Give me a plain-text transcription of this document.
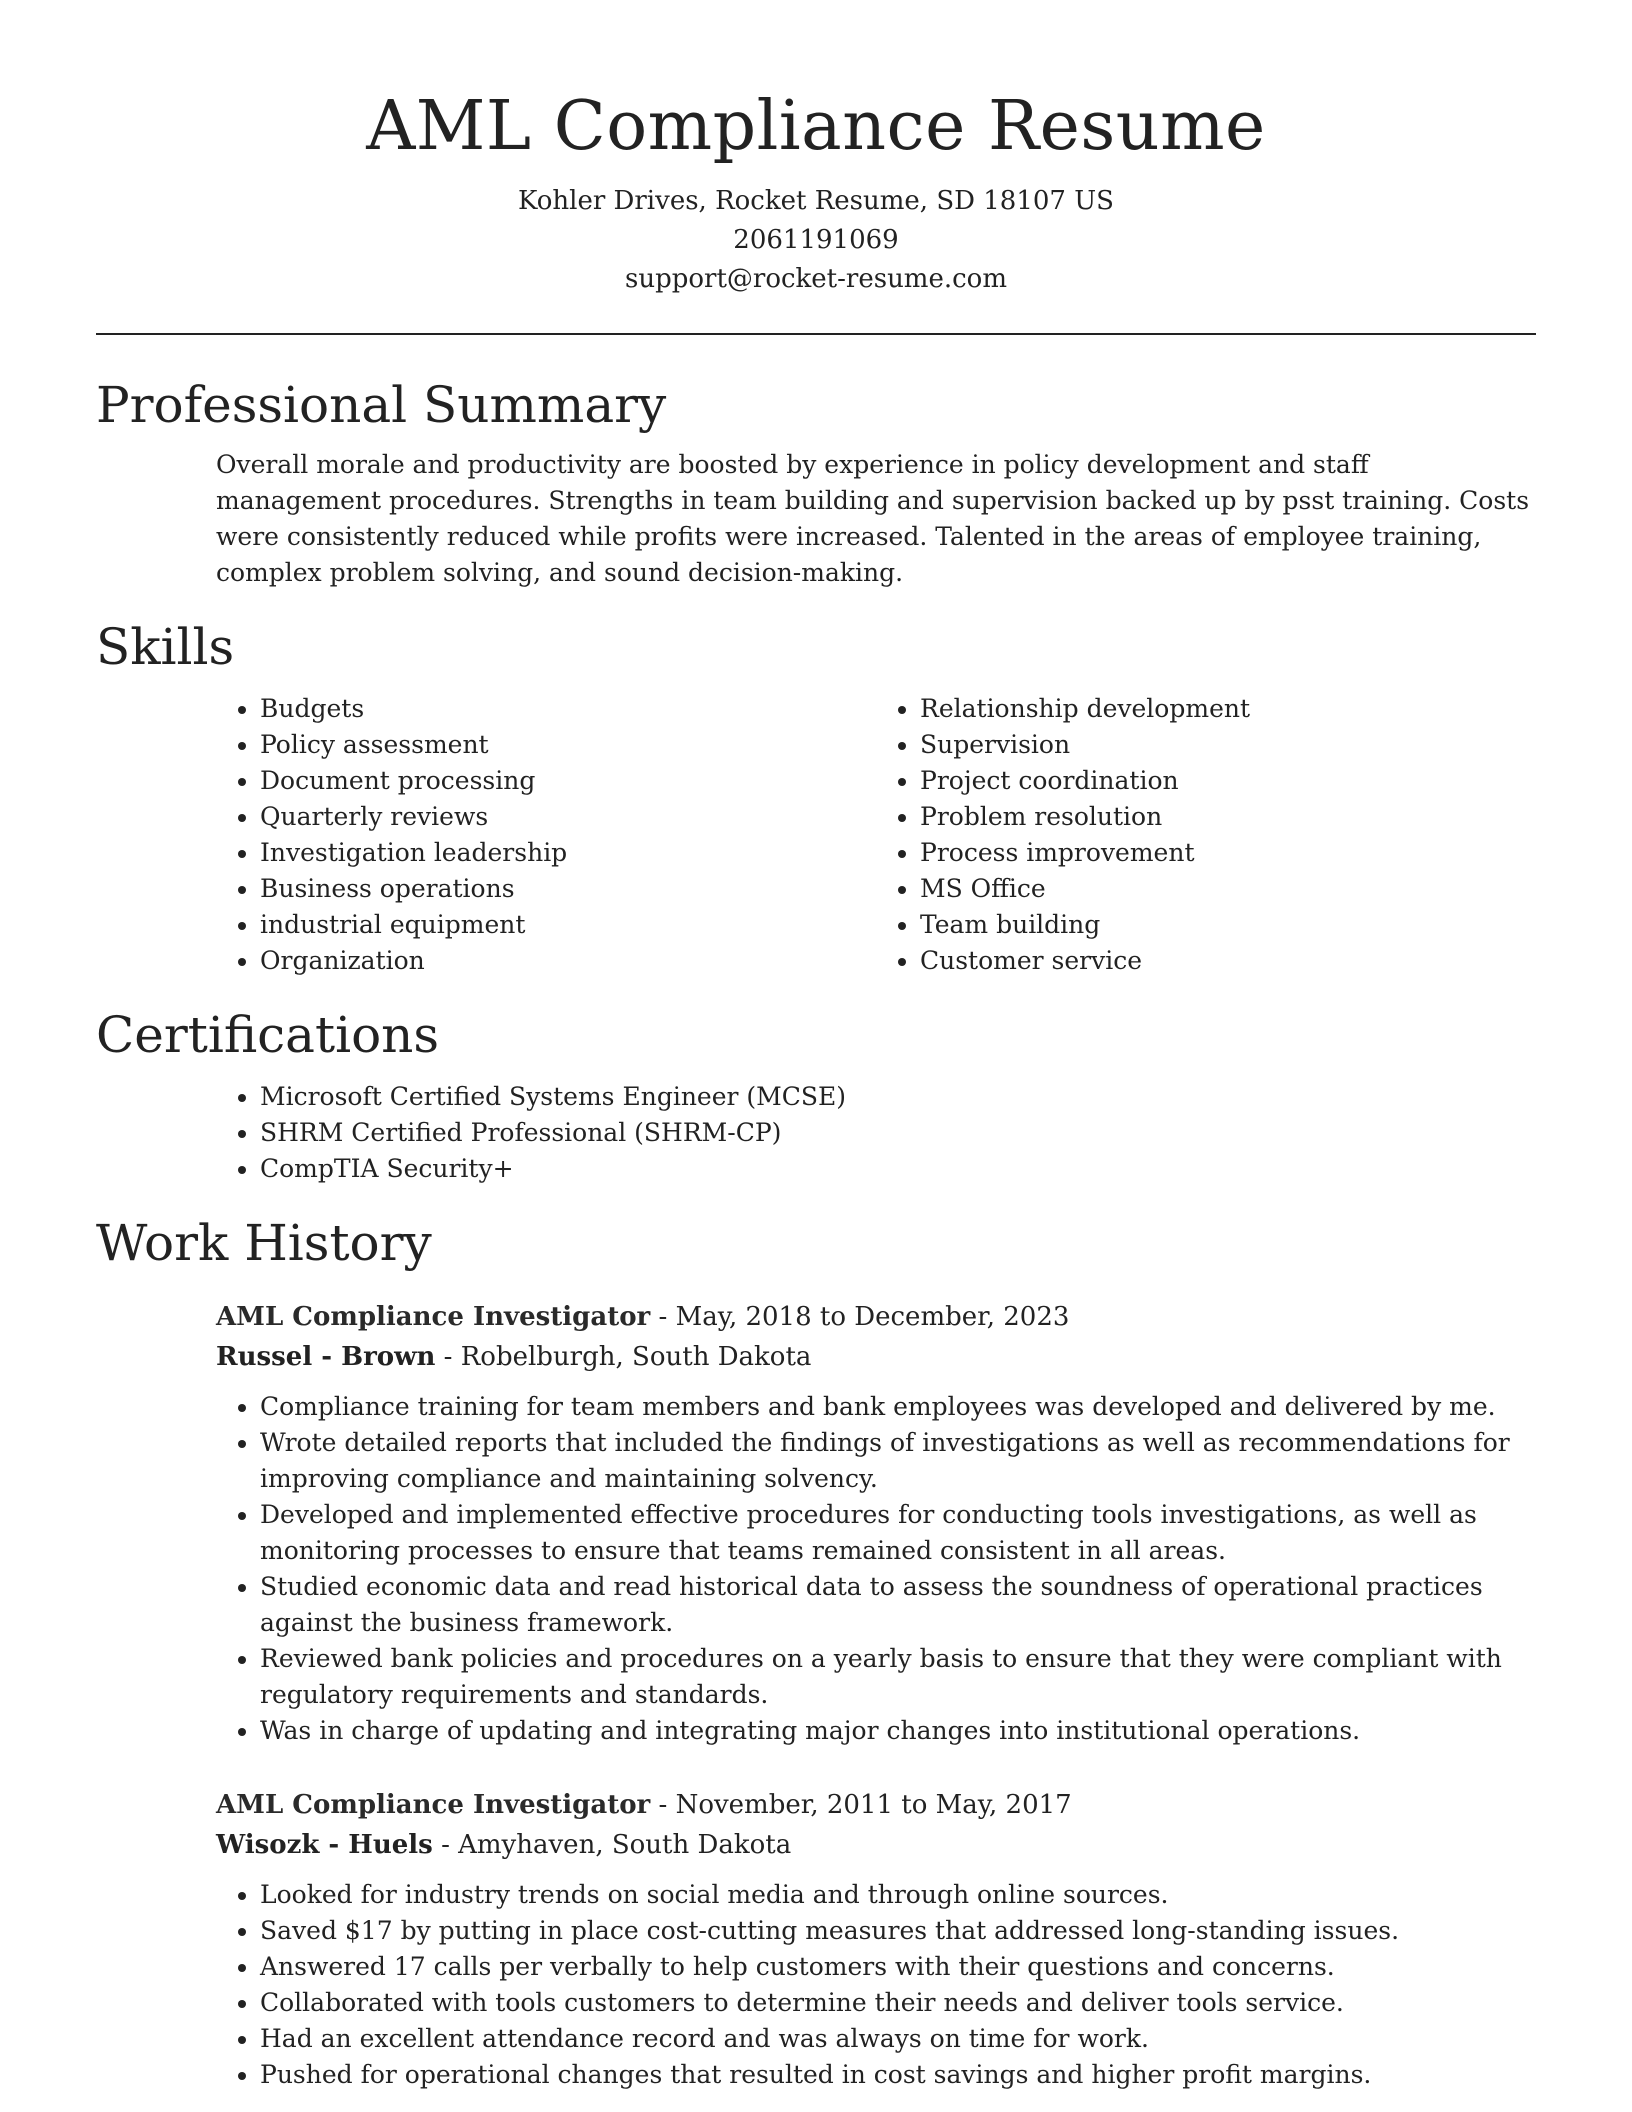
AML Compliance Resume

Kohler Drives, Rocket Resume, SD 18107 US

2061191069

support@rocket-resume.com

Professional Summary

Overall morale and productivity are boosted by experience in policy development and staff management procedures. Strengths in team building and supervision backed up by psst training. Costs were consistently reduced while profits were increased. Talented in the areas of employee training, complex problem solving, and sound decision-making.

Skills
• Budgets
• Policy assessment
• Document processing
• Quarterly reviews
• Investigation leadership
• Business operations
• industrial equipment
• Organization
• Relationship development
• Supervision
• Project coordination
• Problem resolution
• Process improvement
• MS Office
• Team building
• Customer service
Certifications
• Microsoft Certified Systems Engineer (MCSE)
• SHRM Certified Professional (SHRM-CP)
• CompTIA Security+
Work History

AML Compliance Investigator - May, 2018 to December, 2023

Russel - Brown - Robelburgh, South Dakota

• Compliance training for team members and bank employees was developed and delivered by me.
• Wrote detailed reports that included the findings of investigations as well as recommendations for improving compliance and maintaining solvency.
• Developed and implemented effective procedures for conducting tools investigations, as well as monitoring processes to ensure that teams remained consistent in all areas.
• Studied economic data and read historical data to assess the soundness of operational practices against the business framework.
• Reviewed bank policies and procedures on a yearly basis to ensure that they were compliant with regulatory requirements and standards.
• Was in charge of updating and integrating major changes into institutional operations.

AML Compliance Investigator - November, 2011 to May, 2017

Wisozk - Huels - Amyhaven, South Dakota

• Looked for industry trends on social media and through online sources.
• Saved $17 by putting in place cost-cutting measures that addressed long-standing issues.
• Answered 17 calls per verbally to help customers with their questions and concerns.
• Collaborated with tools customers to determine their needs and deliver tools service.
• Had an excellent attendance record and was always on time for work.
• Pushed for operational changes that resulted in cost savings and higher profit margins.
